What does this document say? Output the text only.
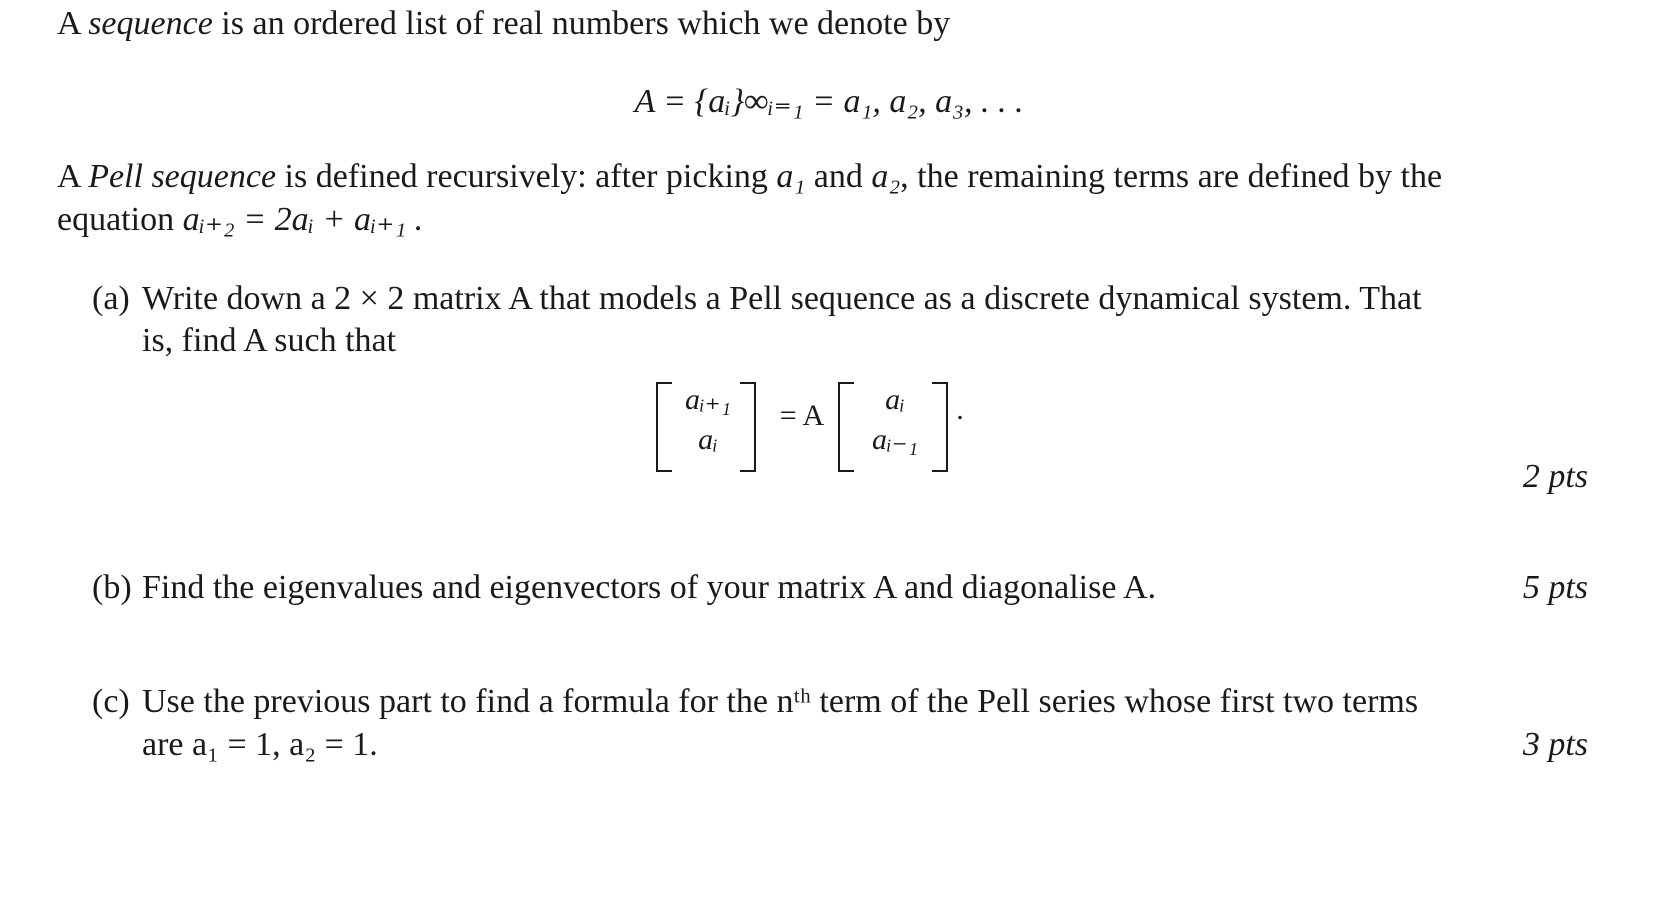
A sequence is an ordered list of real numbers which we denote by
A = {aᵢ}∞ᵢ₌₁ = a₁, a₂, a₃, . . .
A Pell sequence is defined recursively: after picking a₁ and a₂, the remaining terms are defined by the
equation aᵢ₊₂ = 2aᵢ + aᵢ₊₁ .
(a) Write down a 2 × 2 matrix A that models a Pell sequence as a discrete dynamical system. That
is, find A such that
aᵢ₊₁
aᵢ
= A	aᵢ
aᵢ₋₁
.
2 pts
(b) Find the eigenvalues and eigenvectors of your matrix A and diagonalise A.	5 pts
(c) Use the previous part to find a formula for the nᵗʰ term of the Pell series whose first two terms
are a₁ = 1, a₂ = 1.	3 pts
